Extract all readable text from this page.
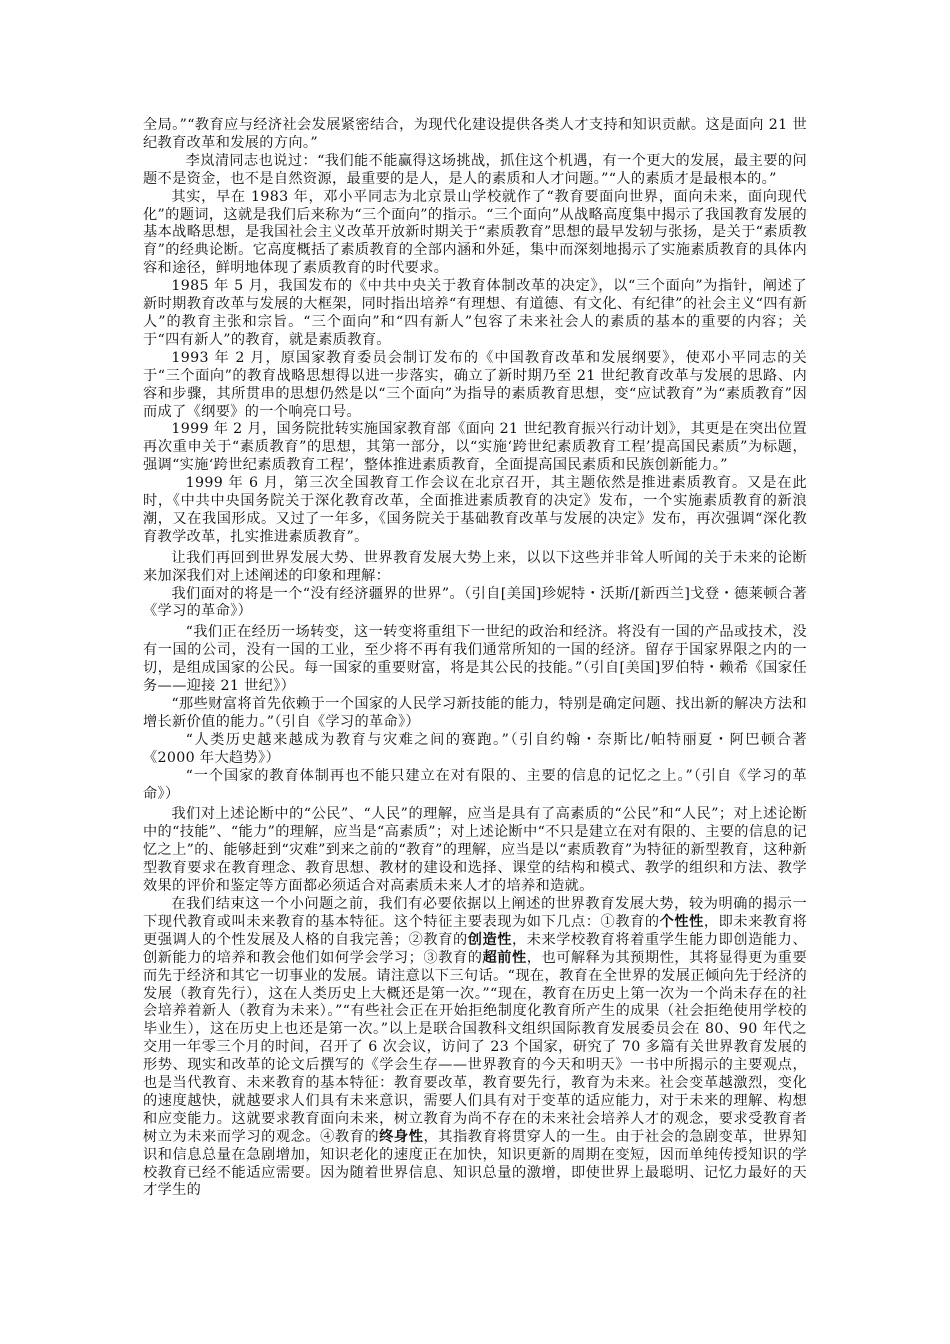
全局。”“教育应与经济社会发展紧密结合，为现代化建设提供各类人才支持和知识贡献。这是面向 21 世纪教育改革和发展的方向。”

李岚清同志也说过：“我们能不能赢得这场挑战，抓住这个机遇，有一个更大的发展，最主要的问题不是资金，也不是自然资源，最重要的是人，是人的素质和人才问题。”“人的素质才是最根本的。”

其实，早在 1983 年，邓小平同志为北京景山学校就作了“教育要面向世界，面向未来，面向现代化”的题词，这就是我们后来称为“三个面向”的指示。“三个面向”从战略高度集中揭示了我国教育发展的基本战略思想，是我国社会主义改革开放新时期关于“素质教育”思想的最早发轫与张扬，是关于“素质教育”的经典论断。它高度概括了素质教育的全部内涵和外延，集中而深刻地揭示了实施素质教育的具体内容和途径，鲜明地体现了素质教育的时代要求。

1985 年 5 月，我国发布的《中共中央关于教育体制改革的决定》，以“三个面向”为指针，阐述了新时期教育改革与发展的大框架，同时指出培养“有理想、有道德、有文化、有纪律”的社会主义“四有新人”的教育主张和宗旨。“三个面向”和“四有新人”包容了未来社会人的素质的基本的重要的内容；关于“四有新人”的教育，就是素质教育。

1993 年 2 月，原国家教育委员会制订发布的《中国教育改革和发展纲要》，使邓小平同志的关于“三个面向”的教育战略思想得以进一步落实，确立了新时期乃至 21 世纪教育改革与发展的思路、内容和步骤，其所贯串的思想仍然是以“三个面向”为指导的素质教育思想，变“应试教育”为“素质教育”因而成了《纲要》的一个响亮口号。

1999 年 2 月，国务院批转实施国家教育部《面向 21 世纪教育振兴行动计划》，其更是在突出位置再次重申关于“素质教育”的思想，其第一部分，以“实施‘跨世纪素质教育工程’提高国民素质”为标题，强调“实施‘跨世纪素质教育工程’，整体推进素质教育，全面提高国民素质和民族创新能力。”

1999 年 6 月，第三次全国教育工作会议在北京召开，其主题依然是推进素质教育。又是在此时，《中共中央国务院关于深化教育改革，全面推进素质教育的决定》发布，一个实施素质教育的新浪潮，又在我国形成。又过了一年多，《国务院关于基础教育改革与发展的决定》发布，再次强调“深化教育教学改革，扎实推进素质教育”。

让我们再回到世界发展大势、世界教育发展大势上来，以以下这些并非耸人听闻的关于未来的论断来加深我们对上述阐述的印象和理解：

我们面对的将是一个“没有经济疆界的世界”。（引自[美国]珍妮特・沃斯/[新西兰]戈登・德莱顿合著《学习的革命》）

“我们正在经历一场转变，这一转变将重组下一世纪的政治和经济。将没有一国的产品或技术，没有一国的公司，没有一国的工业，至少将不再有我们通常所知的一国的经济。留存于国家界限之内的一切，是组成国家的公民。每一国家的重要财富，将是其公民的技能。”（引自[美国]罗伯特・赖希《国家任务——迎接 21 世纪》）

“那些财富将首先依赖于一个国家的人民学习新技能的能力，特别是确定问题、找出新的解决方法和增长新价值的能力。”（引自《学习的革命》）

“人类历史越来越成为教育与灾难之间的赛跑。”（引自约翰・奈斯比/帕特丽夏・阿巴顿合著《2000 年大趋势》）

“一个国家的教育体制再也不能只建立在对有限的、主要的信息的记忆之上。”（引自《学习的革命》）

我们对上述论断中的“公民”、“人民”的理解，应当是具有了高素质的“公民”和“人民”；对上述论断中的“技能”、“能力”的理解，应当是“高素质”；对上述论断中“不只是建立在对有限的、主要的信息的记忆之上”的、能够赶到“灾难”到来之前的“教育”的理解，应当是以“素质教育”为特征的新型教育，这种新型教育要求在教育理念、教育思想、教材的建设和选择、课堂的结构和模式、教学的组织和方法、教学效果的评价和鉴定等方面都必须适合对高素质未来人才的培养和造就。

在我们结束这一个小问题之前，我们有必要依据以上阐述的世界教育发展大势，较为明确的揭示一下现代教育或叫未来教育的基本特征。这个特征主要表现为如下几点：①教育的个性性，即未来教育将更强调人的个性发展及人格的自我完善；②教育的创造性，未来学校教育将着重学生能力即创造能力、创新能力的培养和教会他们如何学会学习；③教育的超前性，也可解释为其预期性，其将显得更为重要而先于经济和其它一切事业的发展。请注意以下三句话。“现在，教育在全世界的发展正倾向先于经济的发展（教育先行），这在人类历史上大概还是第一次。”“现在，教育在历史上第一次为一个尚未存在的社会培养着新人（教育为未来）。”“有些社会正在开始拒绝制度化教育所产生的成果（社会拒绝使用学校的毕业生），这在历史上也还是第一次。”以上是联合国教科文组织国际教育发展委员会在 80、90 年代之交用一年零三个月的时间，召开了 6 次会议，访问了 23 个国家，研究了 70 多篇有关世界教育发展的形势、现实和改革的论文后撰写的《学会生存——世界教育的今天和明天》一书中所揭示的主要观点，也是当代教育、未来教育的基本特征：教育要改革，教育要先行，教育为未来。社会变革越激烈，变化的速度越快，就越要求人们具有未来意识，需要人们具有对于变革的适应能力，对于未来的理解、构想和应变能力。这就要求教育面向未来，树立教育为尚不存在的未来社会培养人才的观念，要求受教育者树立为未来而学习的观念。④教育的终身性，其指教育将贯穿人的一生。由于社会的急剧变革，世界知识和信息总量在急剧增加，知识老化的速度正在加快，知识更新的周期在变短，因而单纯传授知识的学校教育已经不能适应需要。因为随着世界信息、知识总量的激增，即使世界上最聪明、记忆力最好的天才学生的
